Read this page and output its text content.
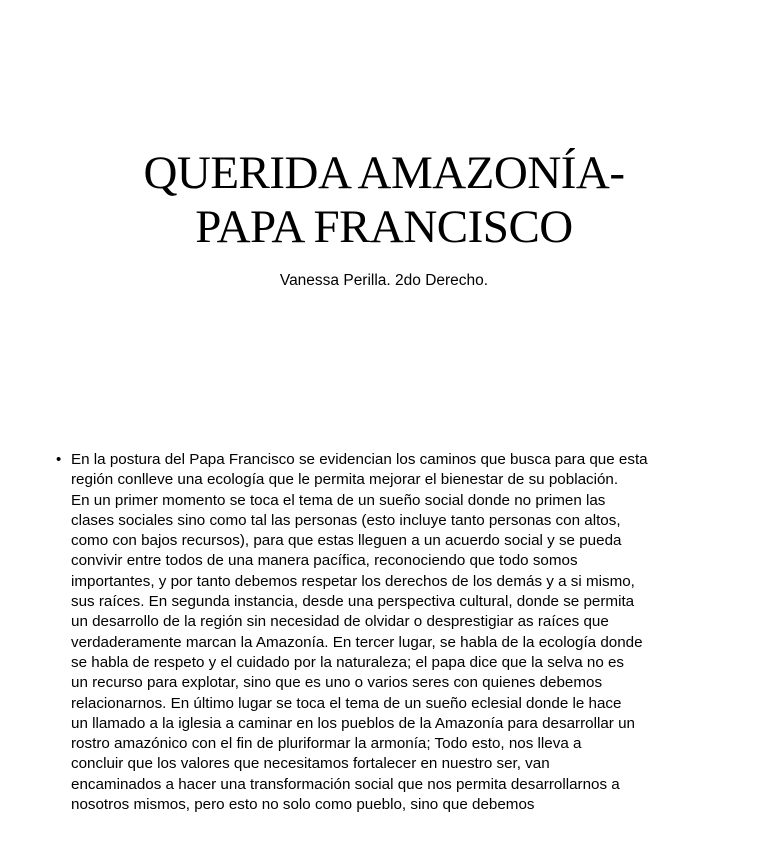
QUERIDA AMAZONÍA-
PAPA FRANCISCO
Vanessa Perilla. 2do Derecho.
• En la postura del Papa Francisco se evidencian los caminos que busca para que esta
región conlleve una ecología que le permita mejorar el bienestar de su población.
En un primer momento se toca el tema de un sueño social donde no primen las
clases sociales sino como tal las personas (esto incluye tanto personas con altos,
como con bajos recursos), para que estas lleguen a un acuerdo social y se pueda
convivir entre todos de una manera pacífica, reconociendo que todo somos
importantes, y por tanto debemos respetar los derechos de los demás y a si mismo,
sus raíces. En segunda instancia, desde una perspectiva cultural, donde se permita
un desarrollo de la región sin necesidad de olvidar o desprestigiar as raíces que
verdaderamente marcan la Amazonía. En tercer lugar, se habla de la ecología donde
se habla de respeto y el cuidado por la naturaleza; el papa dice que la selva no es
un recurso para explotar, sino que es uno o varios seres con quienes debemos
relacionarnos. En último lugar se toca el tema de un sueño eclesial donde le hace
un llamado a la iglesia a caminar en los pueblos de la Amazonía para desarrollar un
rostro amazónico con el fin de pluriformar la armonía; Todo esto, nos lleva a
concluir que los valores que necesitamos fortalecer en nuestro ser, van
encaminados a hacer una transformación social que nos permita desarrollarnos a
nosotros mismos, pero esto no solo como pueblo, sino que debemos
